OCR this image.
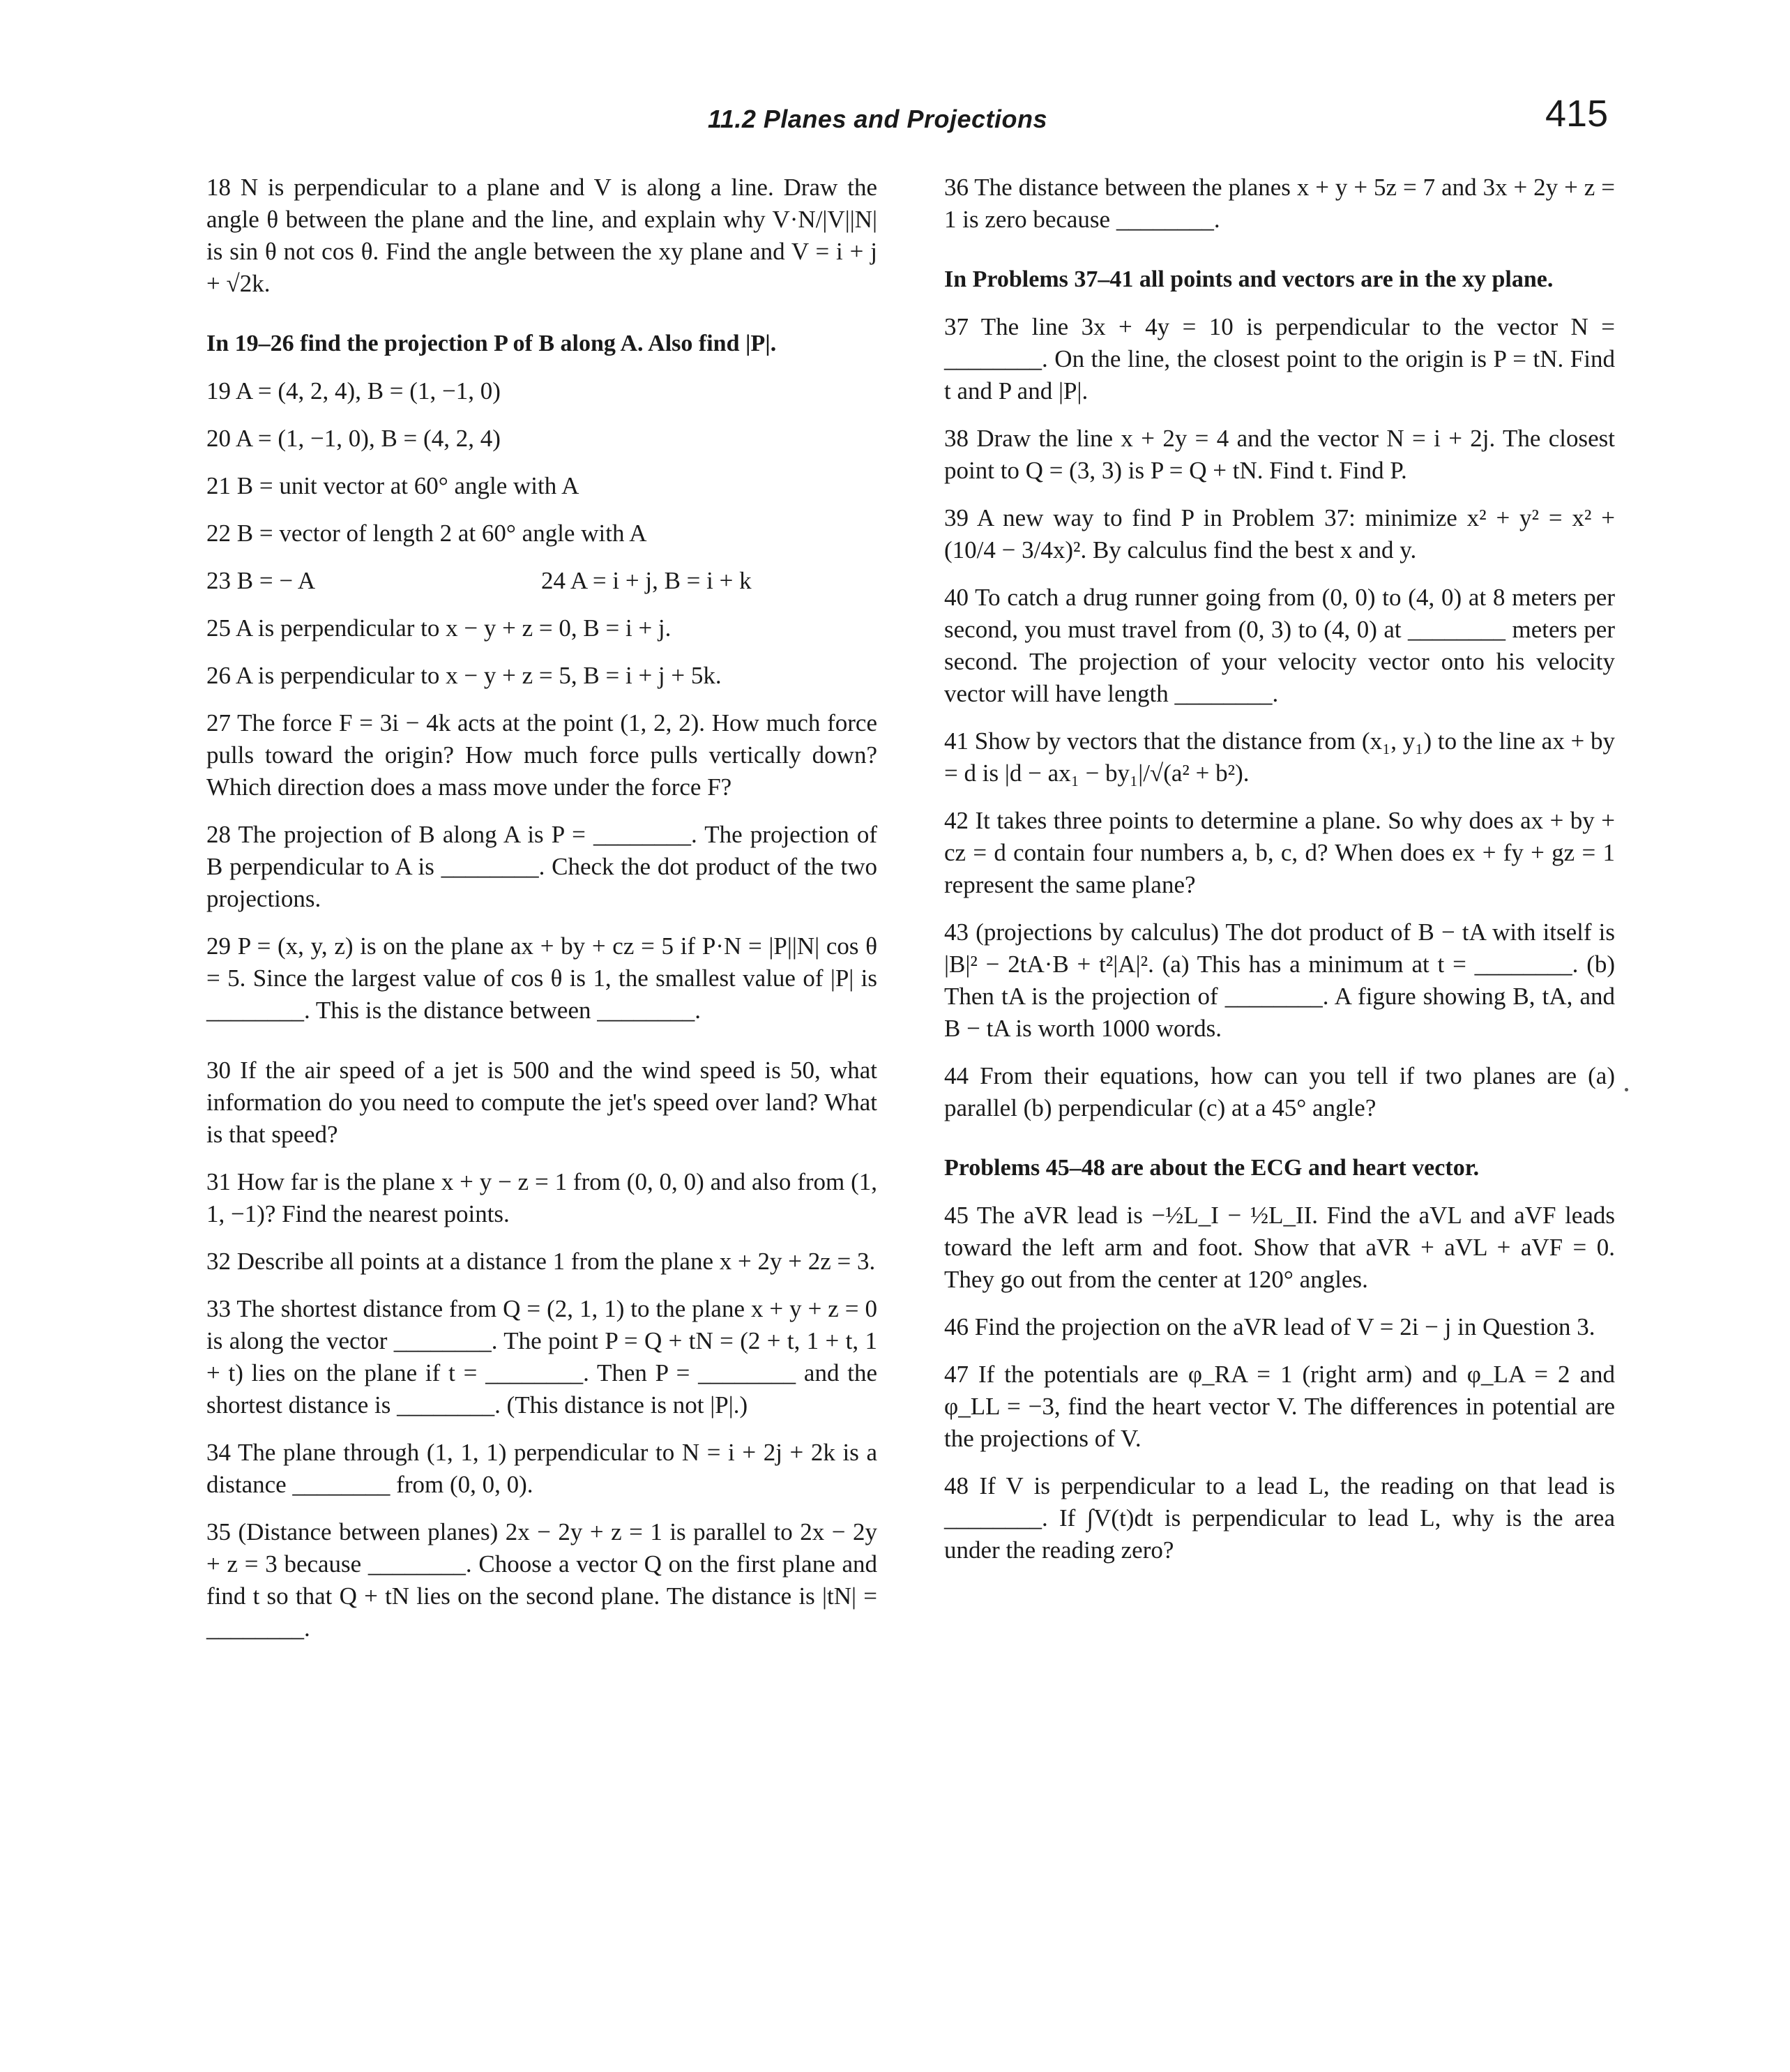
11.2 Planes and Projections	415

18 N is perpendicular to a plane and V is along a line. Draw the angle θ between the plane and the line, and explain why V·N/|V||N| is sin θ not cos θ. Find the angle between the xy plane and V = i + j + √2k.

In 19–26 find the projection P of B along A. Also find |P|.

19 A = (4, 2, 4), B = (1, −1, 0)

20 A = (1, −1, 0), B = (4, 2, 4)

21 B = unit vector at 60° angle with A

22 B = vector of length 2 at 60° angle with A

23 B = − A	24 A = i + j, B = i + k

25 A is perpendicular to x − y + z = 0, B = i + j.

26 A is perpendicular to x − y + z = 5, B = i + j + 5k.

27 The force F = 3i − 4k acts at the point (1, 2, 2). How much force pulls toward the origin? How much force pulls vertically down? Which direction does a mass move under the force F?

28 The projection of B along A is P = ________. The projection of B perpendicular to A is ________. Check the dot product of the two projections.

29 P = (x, y, z) is on the plane ax + by + cz = 5 if P·N = |P||N| cos θ = 5. Since the largest value of cos θ is 1, the smallest value of |P| is ________. This is the distance between ________.

30 If the air speed of a jet is 500 and the wind speed is 50, what information do you need to compute the jet's speed over land? What is that speed?

31 How far is the plane x + y − z = 1 from (0, 0, 0) and also from (1, 1, −1)? Find the nearest points.

32 Describe all points at a distance 1 from the plane x + 2y + 2z = 3.

33 The shortest distance from Q = (2, 1, 1) to the plane x + y + z = 0 is along the vector ________. The point P = Q + tN = (2 + t, 1 + t, 1 + t) lies on the plane if t = ________. Then P = ________ and the shortest distance is ________. (This distance is not |P|.)

34 The plane through (1, 1, 1) perpendicular to N = i + 2j + 2k is a distance ________ from (0, 0, 0).

35 (Distance between planes) 2x − 2y + z = 1 is parallel to 2x − 2y + z = 3 because ________. Choose a vector Q on the first plane and find t so that Q + tN lies on the second plane. The distance is |tN| = ________.

36 The distance between the planes x + y + 5z = 7 and 3x + 2y + z = 1 is zero because ________.

In Problems 37–41 all points and vectors are in the xy plane.

37 The line 3x + 4y = 10 is perpendicular to the vector N = ________. On the line, the closest point to the origin is P = tN. Find t and P and |P|.

38 Draw the line x + 2y = 4 and the vector N = i + 2j. The closest point to Q = (3, 3) is P = Q + tN. Find t. Find P.

39 A new way to find P in Problem 37: minimize x² + y² = x² + (10/4 − 3/4x)². By calculus find the best x and y.

40 To catch a drug runner going from (0, 0) to (4, 0) at 8 meters per second, you must travel from (0, 3) to (4, 0) at ________ meters per second. The projection of your velocity vector onto his velocity vector will have length ________.

41 Show by vectors that the distance from (x₁, y₁) to the line ax + by = d is |d − ax₁ − by₁|/√(a² + b²).

42 It takes three points to determine a plane. So why does ax + by + cz = d contain four numbers a, b, c, d? When does ex + fy + gz = 1 represent the same plane?

43 (projections by calculus) The dot product of B − tA with itself is |B|² − 2tA·B + t²|A|². (a) This has a minimum at t = ________. (b) Then tA is the projection of ________. A figure showing B, tA, and B − tA is worth 1000 words.

44 From their equations, how can you tell if two planes are (a) parallel (b) perpendicular (c) at a 45° angle?

Problems 45–48 are about the ECG and heart vector.

45 The aVR lead is −½L_I − ½L_II. Find the aVL and aVF leads toward the left arm and foot. Show that aVR + aVL + aVF = 0. They go out from the center at 120° angles.

46 Find the projection on the aVR lead of V = 2i − j in Question 3.

47 If the potentials are φ_RA = 1 (right arm) and φ_LA = 2 and φ_LL = −3, find the heart vector V. The differences in potential are the projections of V.

48 If V is perpendicular to a lead L, the reading on that lead is ________. If ∫V(t)dt is perpendicular to lead L, why is the area under the reading zero?
